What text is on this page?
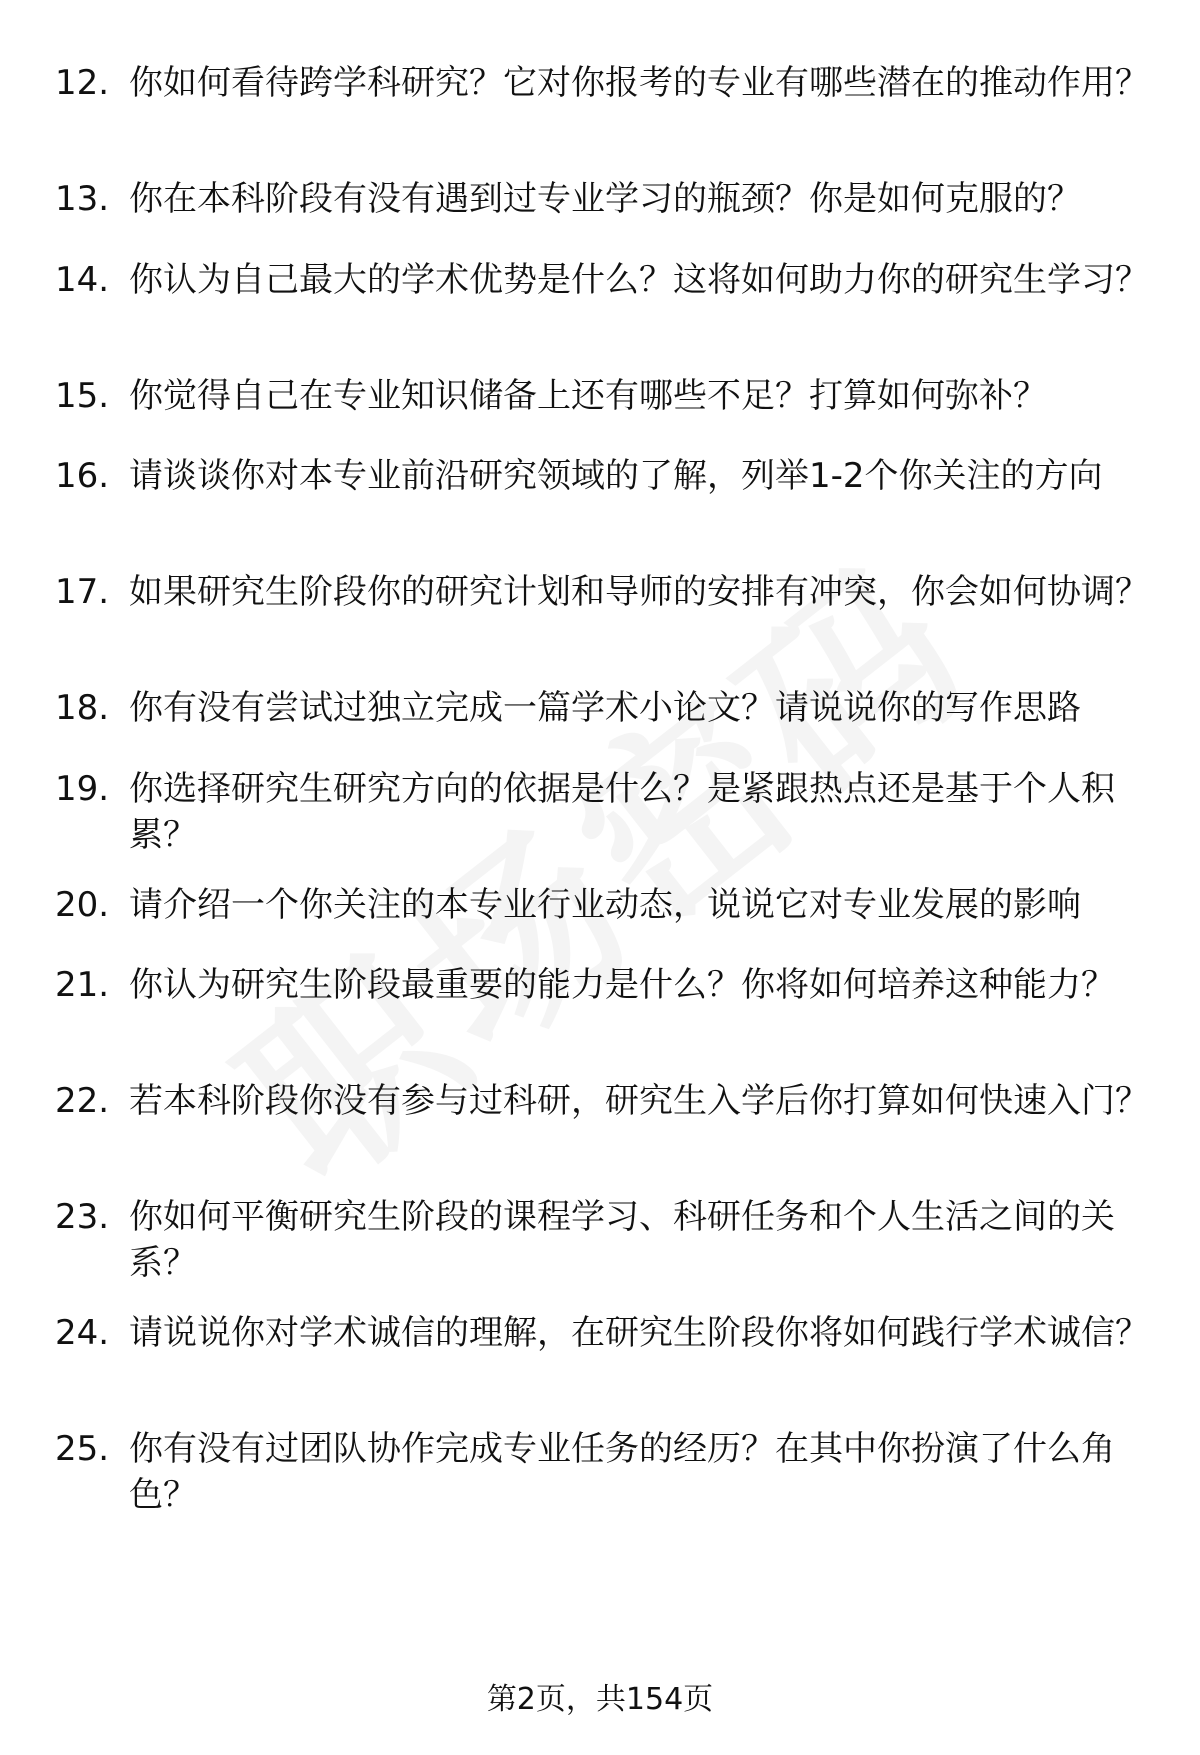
12. 你如何看待跨学科研究？它对你报考的专业有哪些潜在的推动作用？
13. 你在本科阶段有没有遇到过专业学习的瓶颈？你是如何克服的？
14. 你认为自己最大的学术优势是什么？这将如何助力你的研究生学习？
15. 你觉得自己在专业知识储备上还有哪些不足？打算如何弥补？
16. 请谈谈你对本专业前沿研究领域的了解，列举1-2个你关注的方向
17. 如果研究生阶段你的研究计划和导师的安排有冲突，你会如何协调？
18. 你有没有尝试过独立完成一篇学术小论文？请说说你的写作思路
19. 你选择研究生研究方向的依据是什么？是紧跟热点还是基于个人积累？
20. 请介绍一个你关注的本专业行业动态，说说它对专业发展的影响
21. 你认为研究生阶段最重要的能力是什么？你将如何培养这种能力？
22. 若本科阶段你没有参与过科研，研究生入学后你打算如何快速入门？
23. 你如何平衡研究生阶段的课程学习、科研任务和个人生活之间的关系？
24. 请说说你对学术诚信的理解，在研究生阶段你将如何践行学术诚信？
25. 你有没有过团队协作完成专业任务的经历？在其中你扮演了什么角色？
第2页，共154页
